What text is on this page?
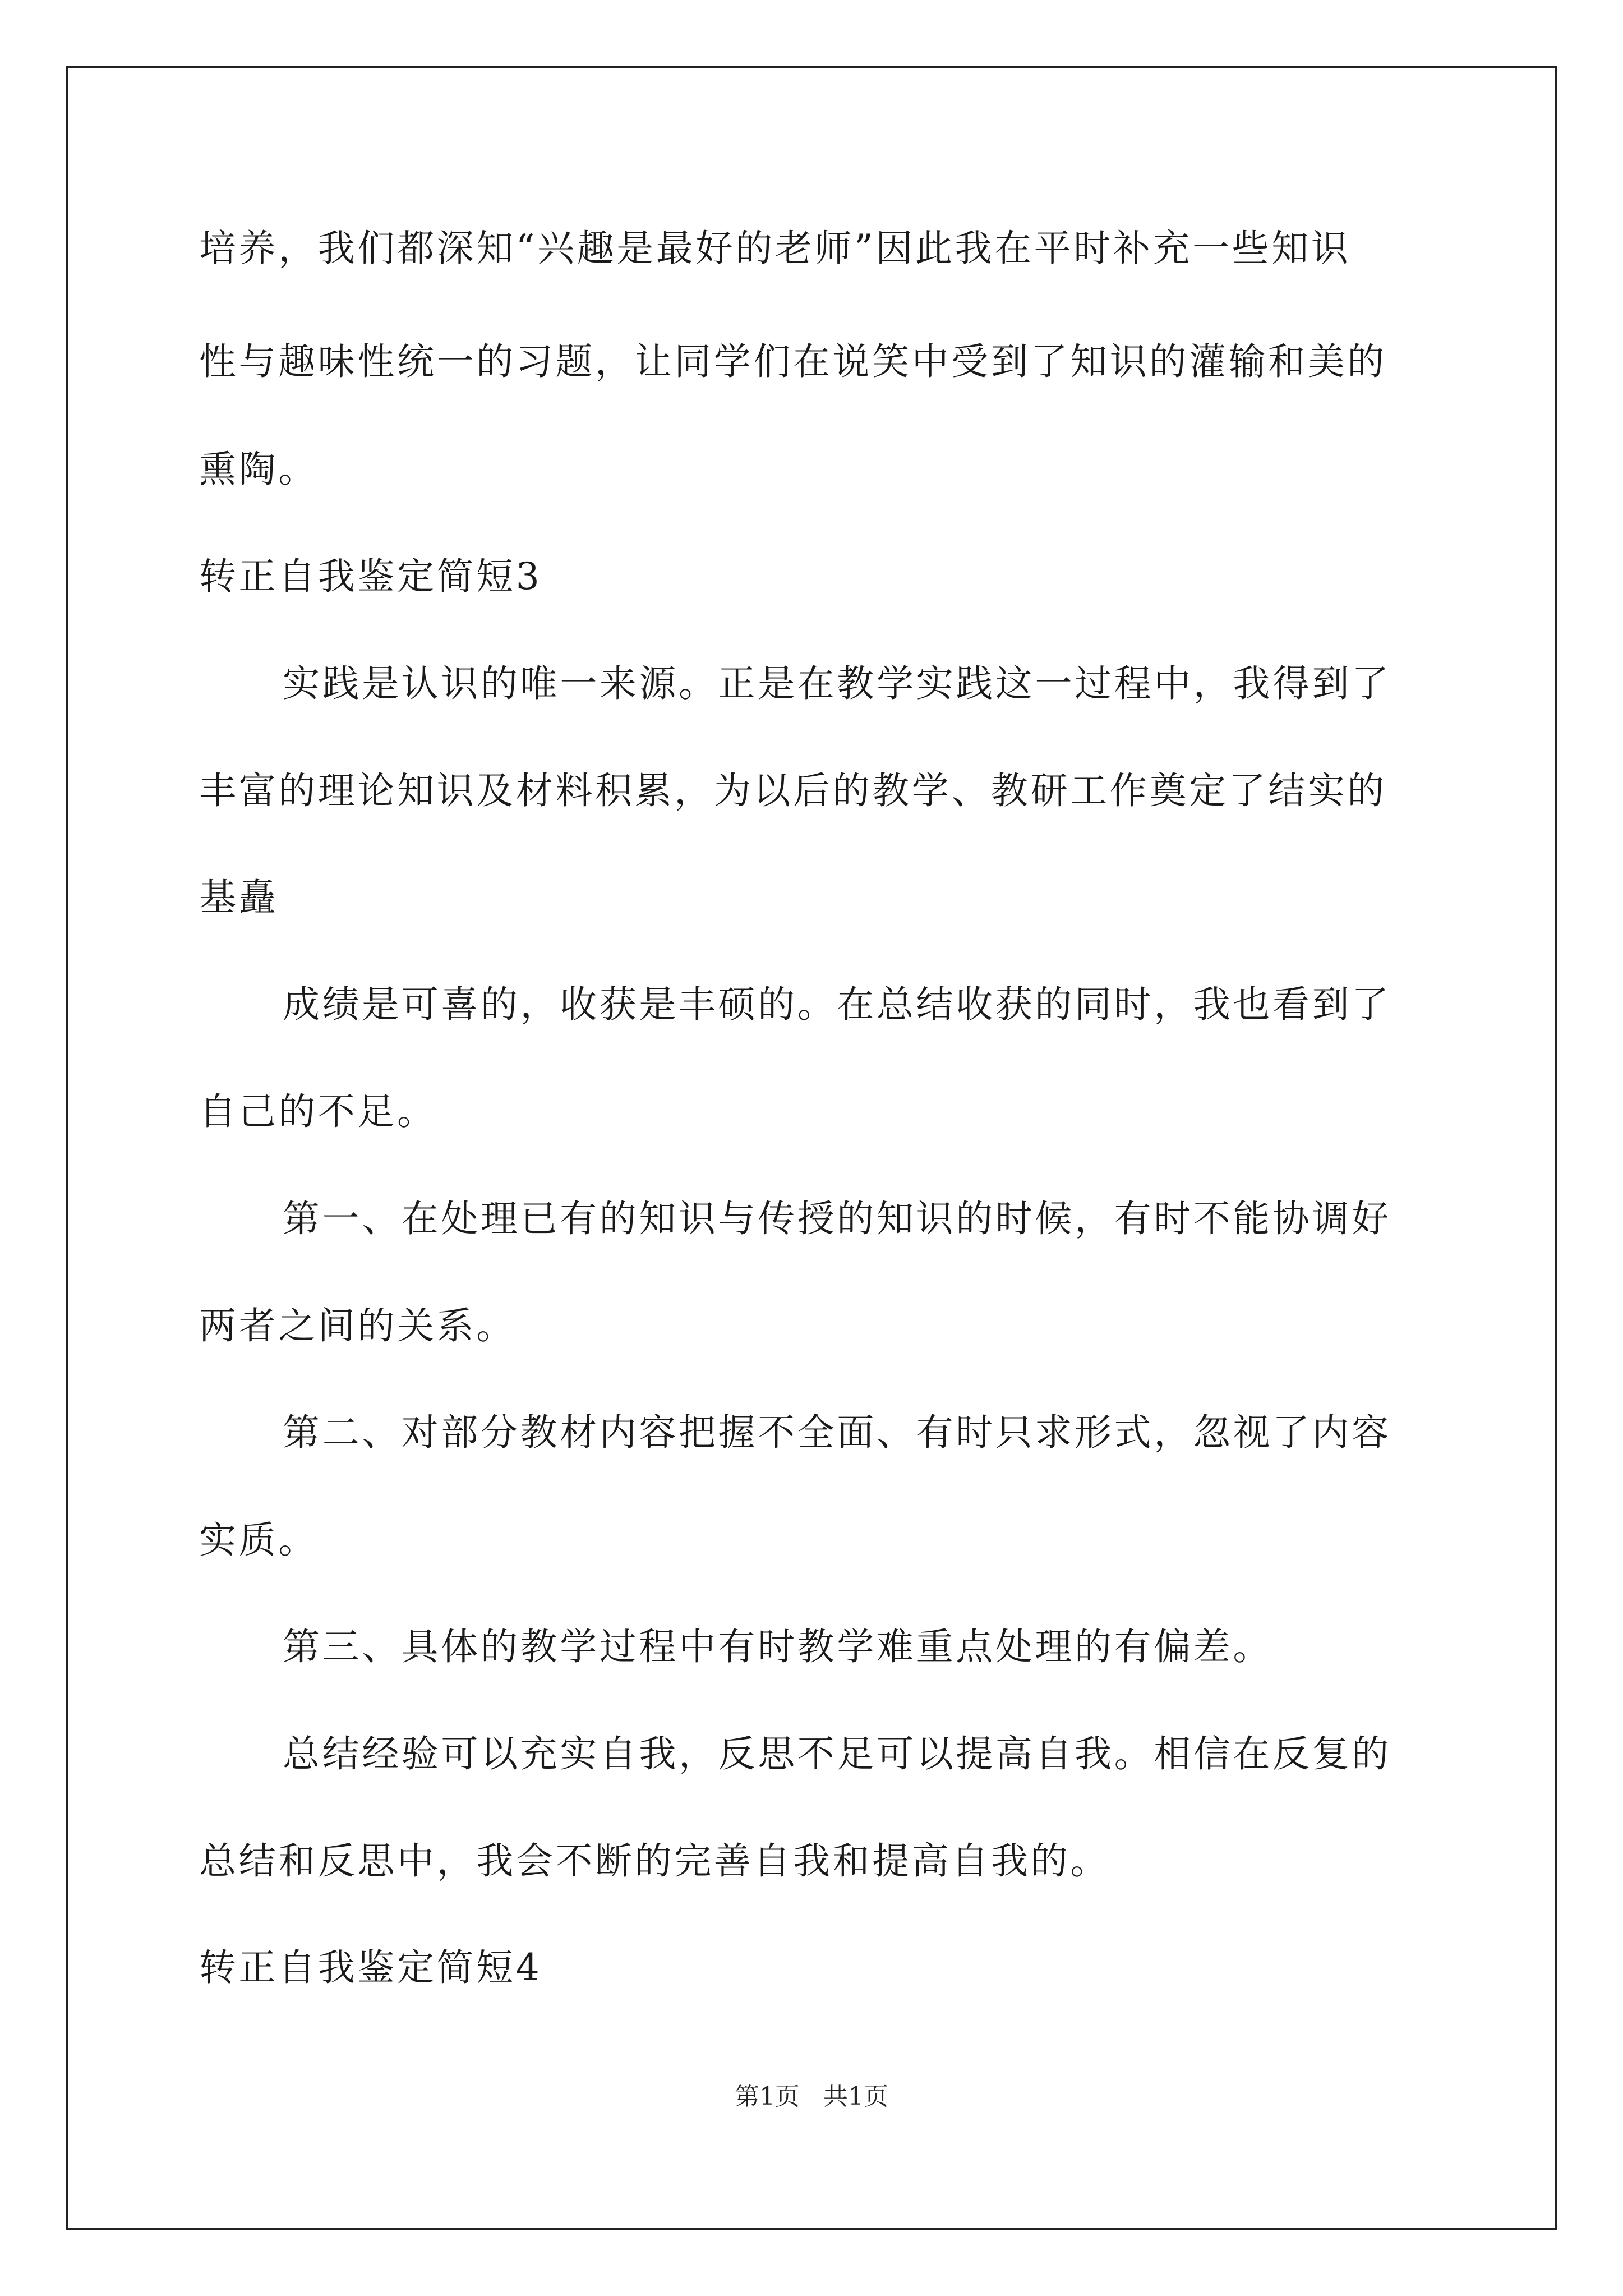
培养，我们都深知“兴趣是最好的老师”因此我在平时补充一些知识
性与趣味性统一的习题，让同学们在说笑中受到了知识的灌输和美的
熏陶。
转正自我鉴定简短3
实践是认识的唯一来源。正是在教学实践这一过程中，我得到了
丰富的理论知识及材料积累，为以后的教学、教研工作奠定了结实的
基矗
成绩是可喜的，收获是丰硕的。在总结收获的同时，我也看到了
自己的不足。
第一、在处理已有的知识与传授的知识的时候，有时不能协调好
两者之间的关系。
第二、对部分教材内容把握不全面、有时只求形式，忽视了内容
实质。
第三、具体的教学过程中有时教学难重点处理的有偏差。
总结经验可以充实自我，反思不足可以提高自我。相信在反复的
总结和反思中，我会不断的完善自我和提高自我的。
转正自我鉴定简短4
第1页   共1页
